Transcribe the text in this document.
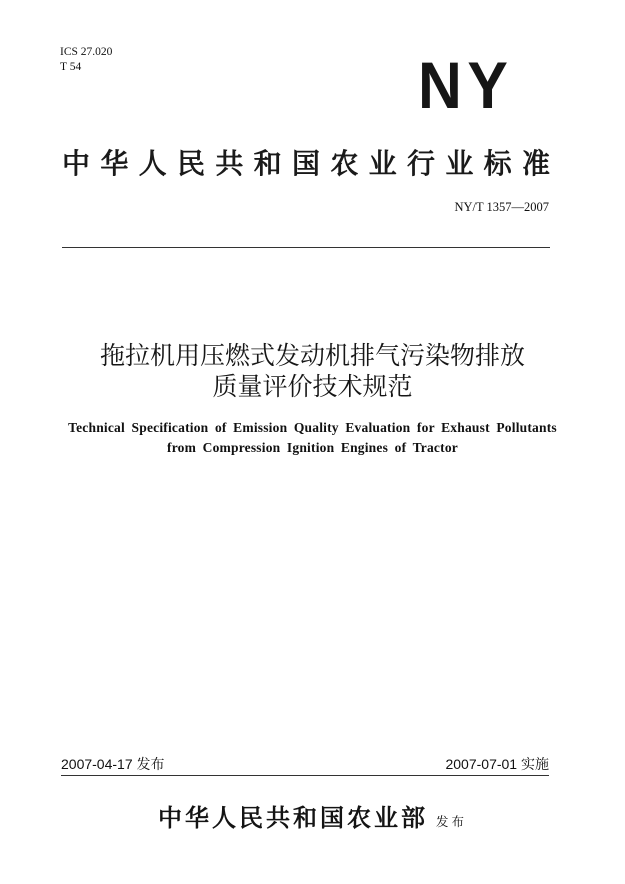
ICS 27.020
T 54	NY
中华人民共和国农业行业标准
NY/T 1357—2007
拖拉机用压燃式发动机排气污染物排放
质量评价技术规范
Technical Specification of Emission Quality Evaluation for Exhaust Pollutants
from Compression Ignition Engines of Tractor
2007-04-17 发布	2007-07-01 实施
中华人民共和国农业部 发布
